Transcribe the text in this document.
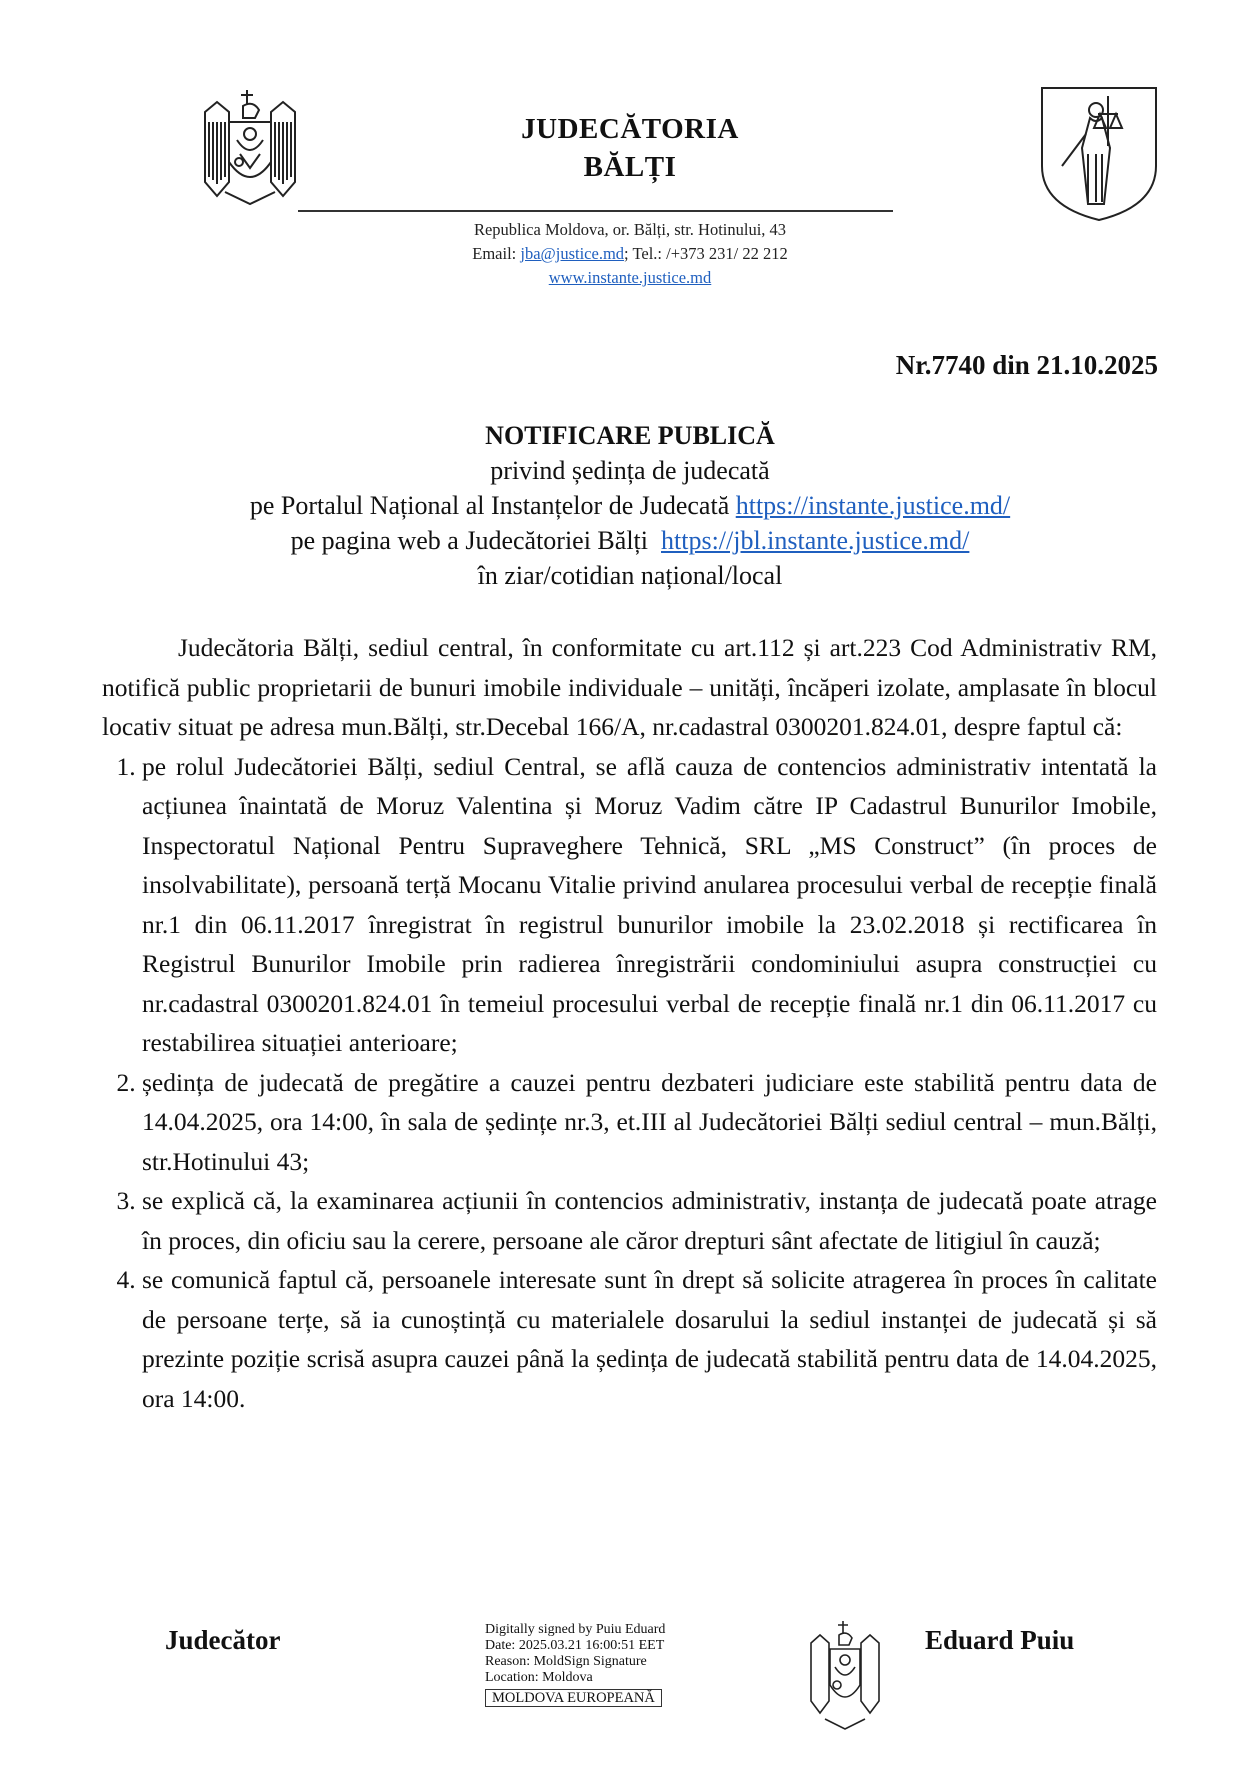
JUDECĂTORIA
BĂLȚI
Republica Moldova, or. Bălți, str. Hotinului, 43
Email: jba@justice.md; Tel.: /+373 231/ 22 212
www.instante.justice.md
Nr.7740 din 21.10.2025
NOTIFICARE PUBLICĂ
privind ședința de judecată
pe Portalul Național al Instanțelor de Judecată https://instante.justice.md/
pe pagina web a Judecătoriei Bălți  https://jbl.instante.justice.md/
în ziar/cotidian național/local

Judecătoria Bălți, sediul central, în conformitate cu art.112 și art.223 Cod Administrativ RM, notifică public proprietarii de bunuri imobile individuale – unități, încăperi izolate, amplasate în blocul locativ situat pe adresa mun.Bălți, str.Decebal 166/A, nr.cadastral 0300201.824.01, despre faptul că:

1. pe rolul Judecătoriei Bălți, sediul Central, se află cauza de contencios administrativ intentată la acțiunea înaintată de Moruz Valentina și Moruz Vadim către IP Cadastrul Bunurilor Imobile, Inspectoratul Național Pentru Supraveghere Tehnică, SRL „MS Construct” (în proces de insolvabilitate), persoană terță Mocanu Vitalie privind anularea procesului verbal de recepție finală nr.1 din 06.11.2017 înregistrat în registrul bunurilor imobile la 23.02.2018 și rectificarea în Registrul Bunurilor Imobile prin radierea înregistrării condominiului asupra construcției cu nr.cadastral 0300201.824.01 în temeiul procesului verbal de recepție finală nr.1 din 06.11.2017 cu restabilirea situației anterioare;
2. ședința de judecată de pregătire a cauzei pentru dezbateri judiciare este stabilită pentru data de 14.04.2025, ora 14:00, în sala de ședințe nr.3, et.III al Judecătoriei Bălți sediul central – mun.Bălți, str.Hotinului 43;
3. se explică că, la examinarea acțiunii în contencios administrativ, instanța de judecată poate atrage în proces, din oficiu sau la cerere, persoane ale căror drepturi sânt afectate de litigiul în cauză;
4. se comunică faptul că, persoanele interesate sunt în drept să solicite atragerea în proces în calitate de persoane terțe, să ia cunoștință cu materialele dosarului la sediul instanței de judecată și să prezinte poziție scrisă asupra cauzei până la ședința de judecată stabilită pentru data de 14.04.2025, ora 14:00.
Judecător	Digitally signed by Puiu Eduard
Date: 2025.03.21 16:00:51 EET
Reason: MoldSign Signature
Location: Moldova
MOLDOVA EUROPEANĂ
Eduard Puiu
